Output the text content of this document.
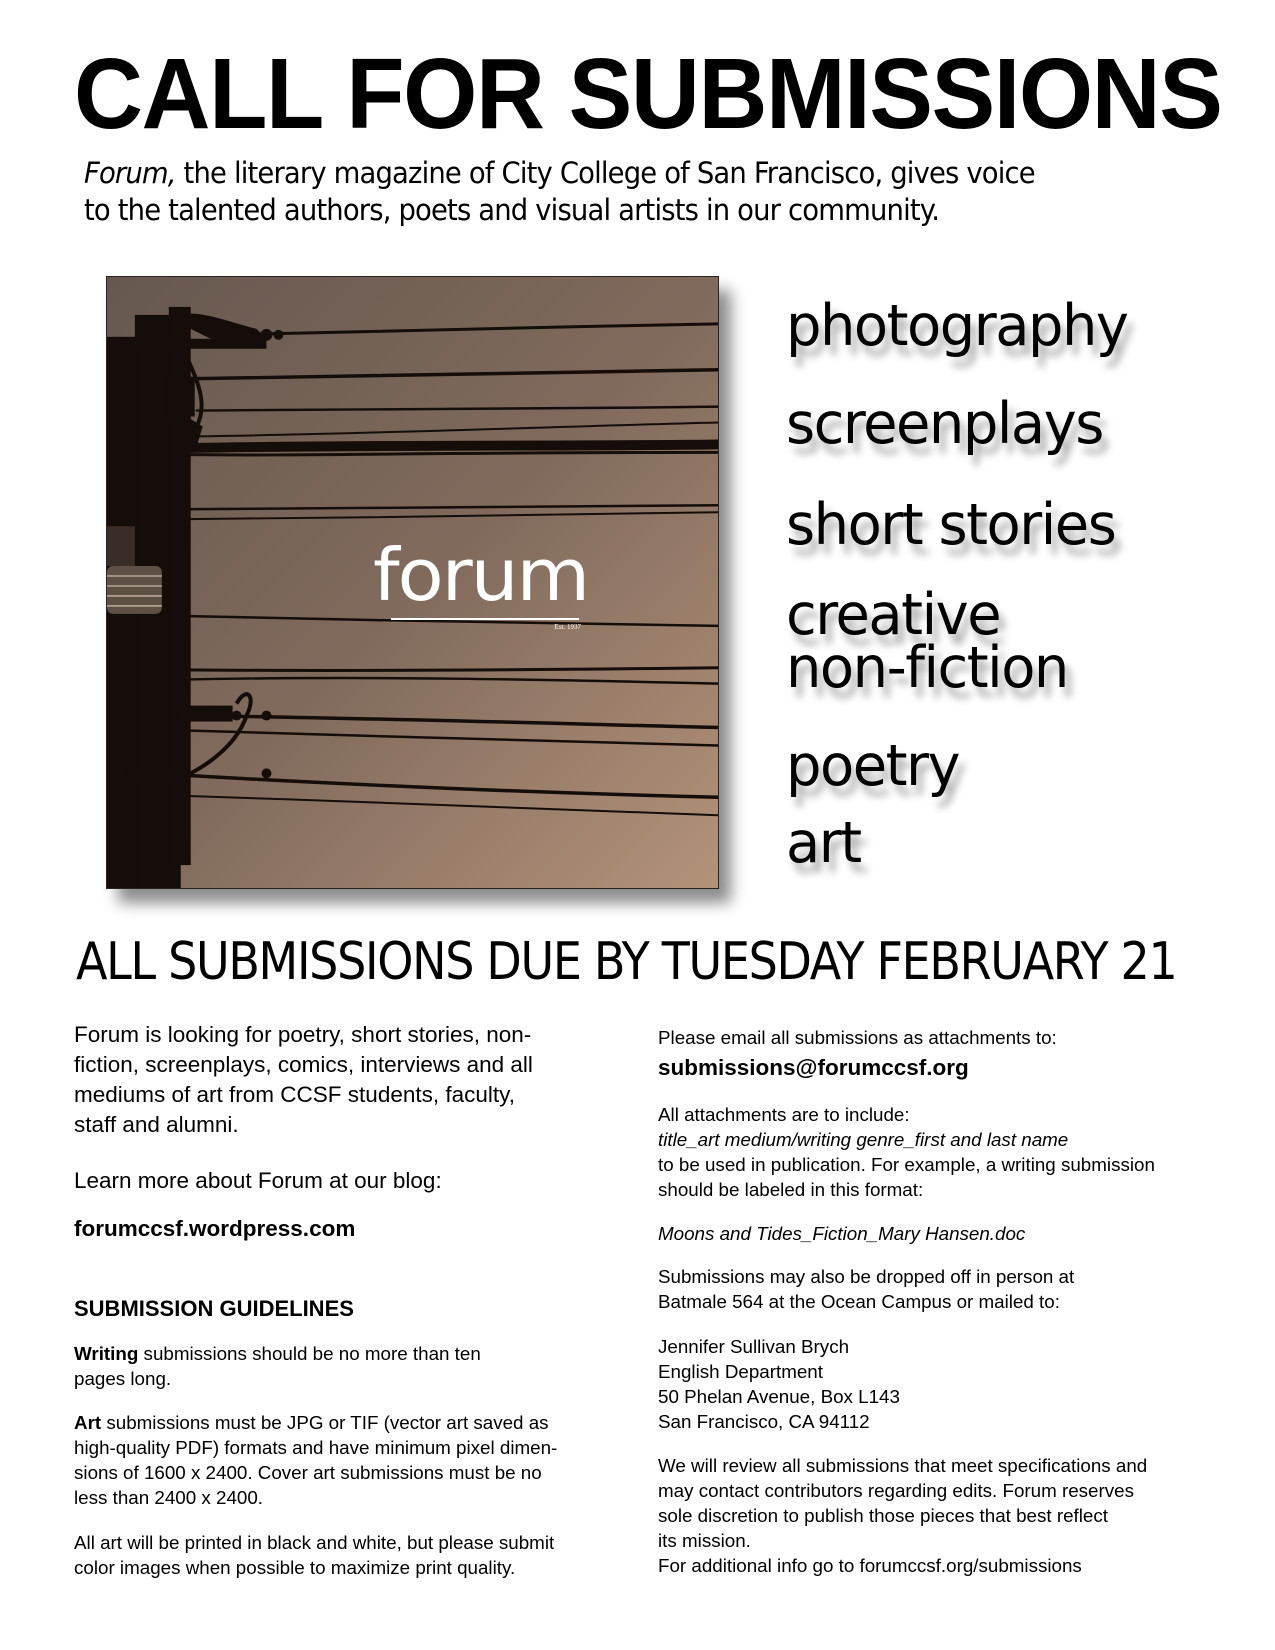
CALL FOR SUBMISSIONS
Forum, the literary magazine of City College of San Francisco, gives voice
to the talented authors, poets and visual artists in our community.
forum
Est. 1937
photography
screenplays
short stories
creative
non-fiction
poetry
art
ALL SUBMISSIONS DUE BY TUESDAY FEBRUARY 21
Forum is looking for poetry, short stories, non-
fiction, screenplays, comics, interviews and all
mediums of art from CCSF students, faculty,
staff and alumni.
Learn more about Forum at our blog:
forumccsf.wordpress.com
SUBMISSION GUIDELINES
Writing submissions should be no more than ten
pages long.
Art submissions must be JPG or TIF (vector art saved as
high-quality PDF) formats and have minimum pixel dimen-
sions of 1600 x 2400. Cover art submissions must be no
less than 2400 x 2400.
All art will be printed in black and white, but please submit
color images when possible to maximize print quality.
Please email all submissions as attachments to:
submissions@forumccsf.org
All attachments are to include:
title_art medium/writing genre_first and last name
to be used in publication. For example, a writing submission
should be labeled in this format:
Moons and Tides_Fiction_Mary Hansen.doc
Submissions may also be dropped off in person at
Batmale 564 at the Ocean Campus or mailed to:
Jennifer Sullivan Brych
English Department
50 Phelan Avenue, Box L143
San Francisco, CA 94112
We will review all submissions that meet specifications and
may contact contributors regarding edits. Forum reserves
sole discretion to publish those pieces that best reflect
its mission.
For additional info go to forumccsf.org/submissions
